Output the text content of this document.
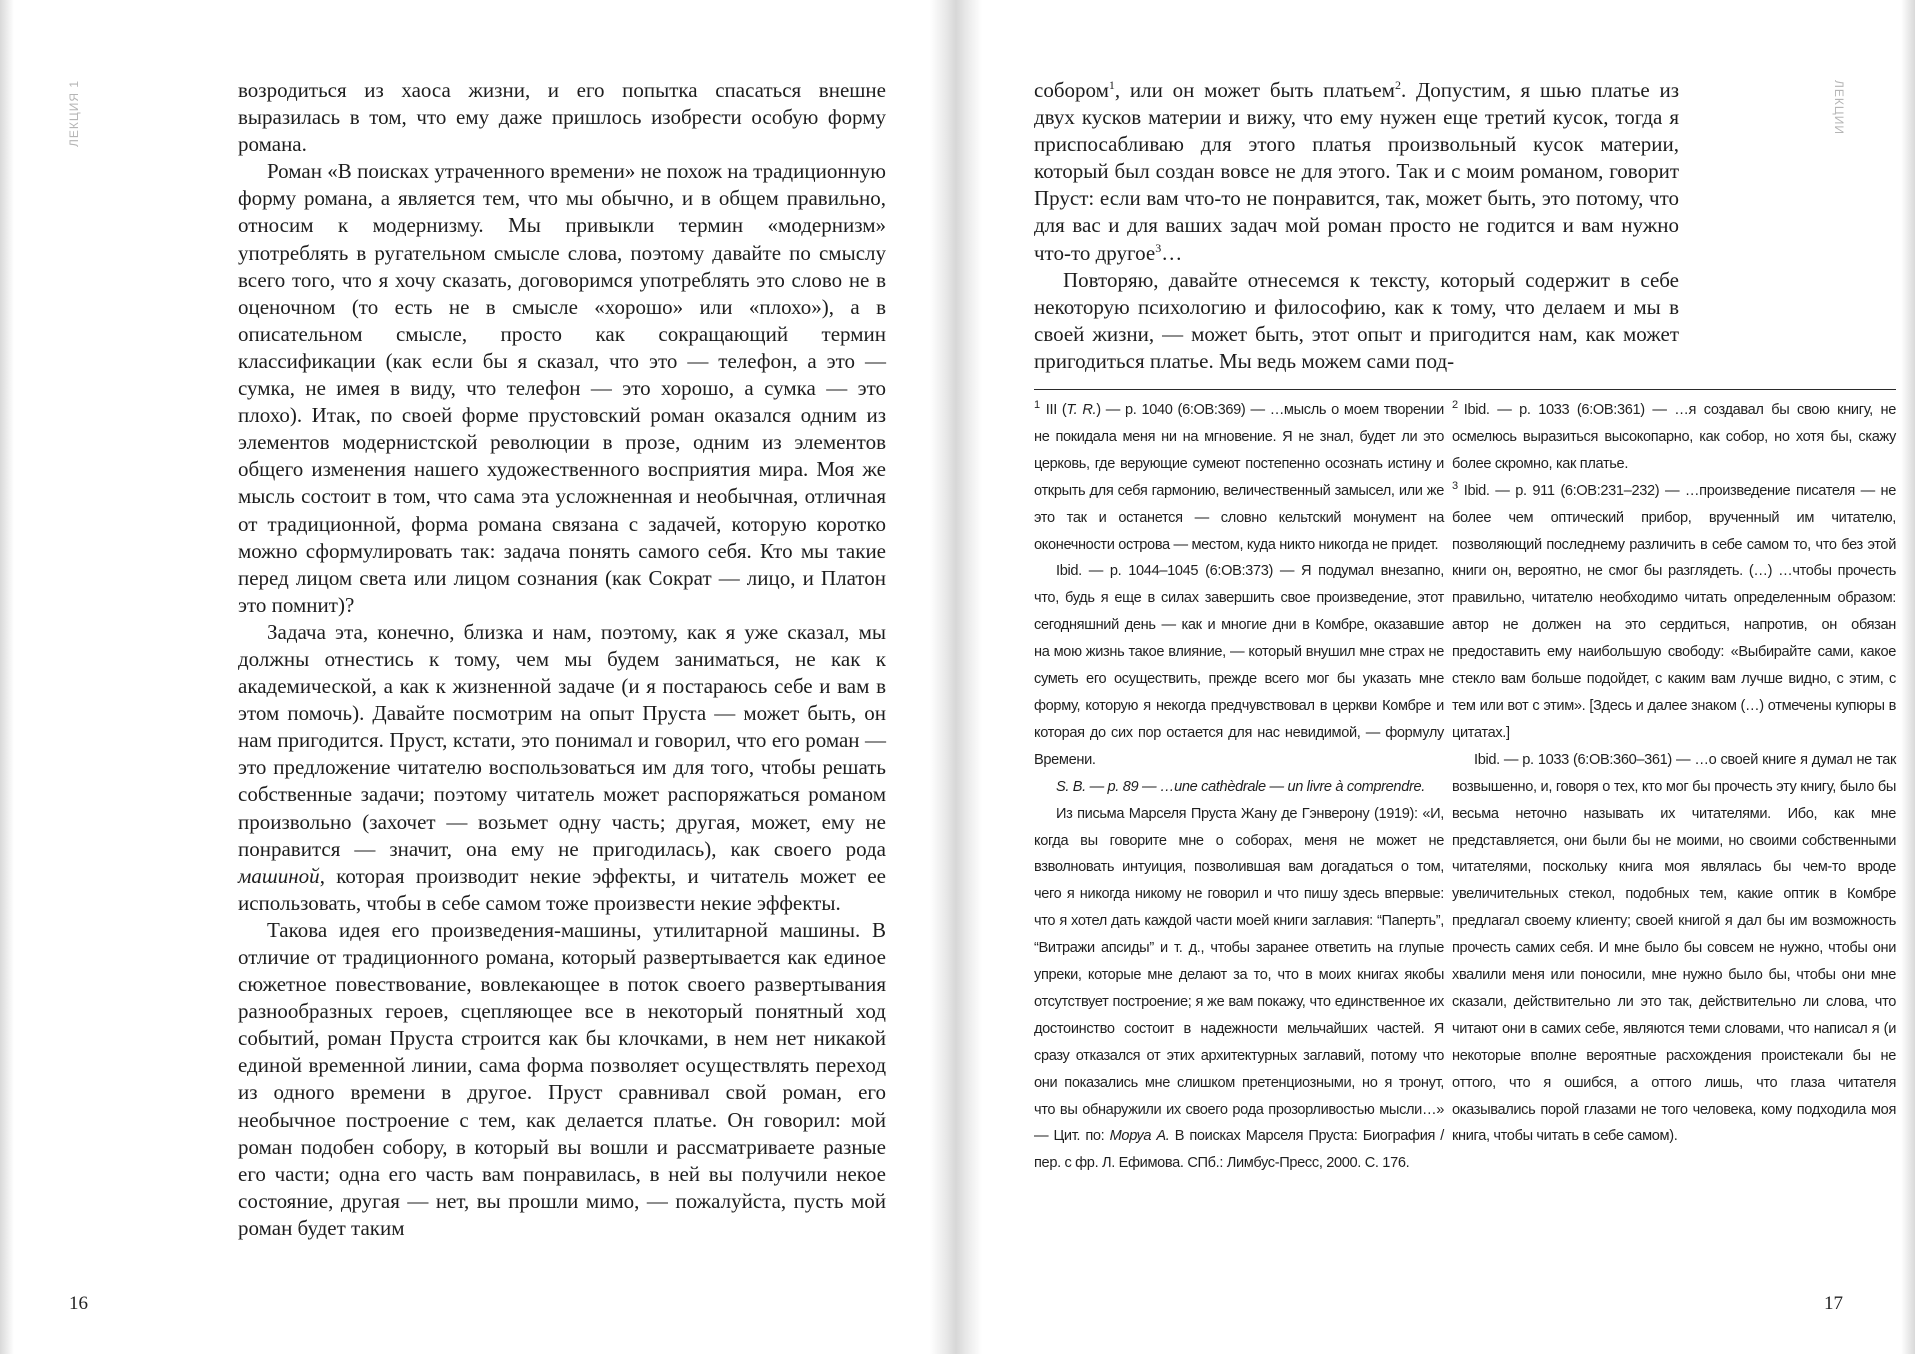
ЛЕКЦИЯ 1	возродиться из хаоса жизни, и его попытка спасаться внешне выразилась в том, что ему даже пришлось изобрести особую форму романа.

Роман «В поисках утраченного времени» не похож на традиционную форму романа, а является тем, что мы обычно, и в общем правильно, относим к модернизму. Мы привыкли термин «модернизм» употреблять в ругательном смысле слова, поэтому давайте по смыслу всего того, что я хочу сказать, договоримся употреблять это слово не в оценочном (то есть не в смысле «хорошо» или «плохо»), а в описательном смысле, просто как сокращающий термин классификации (как если бы я сказал, что это — телефон, а это — сумка, не имея в виду, что телефон — это хорошо, а сумка — это плохо). Итак, по своей форме прустовский роман оказался одним из элементов модернистской революции в прозе, одним из элементов общего изменения нашего художественного восприятия мира. Моя же мысль состоит в том, что сама эта усложненная и необычная, отличная от традиционной, форма романа связана с задачей, которую коротко можно сформулировать так: задача понять самого себя. Кто мы такие перед лицом света или лицом сознания (как Сократ — лицо, и Платон это помнит)?

Задача эта, конечно, близка и нам, поэтому, как я уже сказал, мы должны отнестись к тому, чем мы будем заниматься, не как к академической, а как к жизненной задаче (и я постараюсь себе и вам в этом помочь). Давайте посмотрим на опыт Пруста — может быть, он нам пригодится. Пруст, кстати, это понимал и говорил, что его роман — это предложение читателю воспользоваться им для того, чтобы решать собственные задачи; поэтому читатель может распоряжаться романом произвольно (захочет — возьмет одну часть; другая, может, ему не понравится — значит, она ему не пригодилась), как своего рода машиной, которая производит некие эффекты, и читатель может ее использовать, чтобы в себе самом тоже произвести некие эффекты.

Такова идея его произведения-машины, утилитарной машины. В отличие от традиционного романа, который развертывается как единое сюжетное повествование, вовлекающее в поток своего развертывания разнообразных героев, сцепляющее все в некоторый понятный ход событий, роман Пруста строится как бы клочками, в нем нет никакой единой временной линии, сама форма позволяет осуществлять переход из одного времени в другое. Пруст сравнивал свой роман, его необычное построение с тем, как делается платье. Он говорил: мой роман подобен собору, в который вы вошли и рассматриваете разные его части; одна его часть вам понравилась, в ней вы получили некое состояние, другая — нет, вы прошли мимо, — пожалуйста, пусть мой роман будет таким

16
ЛЕКЦИИ

собором$^1$, или он может быть платьем$^2$. Допустим, я шью платье из двух кусков материи и вижу, что ему нужен еще третий кусок, тогда я приспосабливаю для этого платья произвольный кусок материи, который был создан вовсе не для этого. Так и с моим романом, говорит Пруст: если вам что-то не понравится, так, может быть, это потому, что для вас и для ваших задач мой роман просто не годится и вам нужно что-то другое$^3$…

Повторяю, давайте отнесемся к тексту, который содержит в себе некоторую психологию и философию, как к тому, что делаем и мы в своей жизни, — может быть, этот опыт и пригодится нам, как может пригодиться платье. Мы ведь можем сами под-

$^1$ III (T. R.) — p. 1040 (6:OB:369) — …мысль о моем творении не покидала меня ни на мгновение. Я не знал, будет ли это церковь, где верующие сумеют постепенно осознать истину и открыть для себя гармонию, величественный замысел, или же это так и останется — словно кельтский монумент на оконечности острова — местом, куда никто никогда не придет.

Ibid. — p. 1044–1045 (6:OB:373) — Я подумал внезапно, что, будь я еще в силах завершить свое произведение, этот сегодняшний день — как и многие дни в Комбре, оказавшие на мою жизнь такое влияние, — который внушил мне страх не суметь его осуществить, прежде всего мог бы указать мне форму, которую я некогда предчувствовал в церкви Комбре и которая до сих пор остается для нас невидимой, — формулу Времени.

S. B. — p. 89 — …une cathèdrale — un livre à comprendre.

Из письма Марселя Пруста Жану де Гэнверону (1919): «И, когда вы говорите мне о соборах, меня не может не взволновать интуиция, позволившая вам догадаться о том, чего я никогда никому не говорил и что пишу здесь впервые: что я хотел дать каждой части моей книги заглавия: “Паперть”, “Витражи апсиды” и т. д., чтобы заранее ответить на глупые упреки, которые мне делают за то, что в моих книгах якобы отсутствует построение; я же вам покажу, что единственное их достоинство состоит в надежности мельчайших частей. Я сразу отказался от этих архитектурных заглавий, потому что они показались мне слишком претенциозными, но я тронут, что вы обнаружили их своего рода прозорливостью мысли…» — Цит. по: Моруа А. В поисках Марселя Пруста: Биография / пер. с фр. Л. Ефимова. СПб.: Лимбус-Пресс, 2000. С. 176.

$^2$ Ibid. — p. 1033 (6:OB:361) — …я создавал бы свою книгу, не осмелюсь выразиться высокопарно, как собор, но хотя бы, скажу более скромно, как платье.

$^3$ Ibid. — p. 911 (6:OB:231–232) — …произведение писателя — не более чем оптический прибор, врученный им читателю, позволяющий последнему различить в себе самом то, что без этой книги он, вероятно, не смог бы разглядеть. (…) …чтобы прочесть правильно, читателю необходимо читать определенным образом: автор не должен на это сердиться, напротив, он обязан предоставить ему наибольшую свободу: «Выбирайте сами, какое стекло вам больше подойдет, с каким вам лучше видно, с этим, с тем или вот с этим». [Здесь и далее знаком (…) отмечены купюры в цитатах.]

Ibid. — p. 1033 (6:OB:360–361) — …о своей книге я думал не так возвышенно, и, говоря о тех, кто мог бы прочесть эту книгу, было бы весьма неточно называть их читателями. Ибо, как мне представляется, они были бы не моими, но своими собственными читателями, поскольку книга моя являлась бы чем-то вроде увеличительных стекол, подобных тем, какие оптик в Комбре предлагал своему клиенту; своей книгой я дал бы им возможность прочесть самих себя. И мне было бы совсем не нужно, чтобы они хвалили меня или поносили, мне нужно было бы, чтобы они мне сказали, действительно ли это так, действительно ли слова, что читают они в самих себе, являются теми словами, что написал я (и некоторые вполне вероятные расхождения проистекали бы не оттого, что я ошибся, а оттого лишь, что глаза читателя оказывались порой глазами не того человека, кому подходила моя книга, чтобы читать в себе самом).

17
